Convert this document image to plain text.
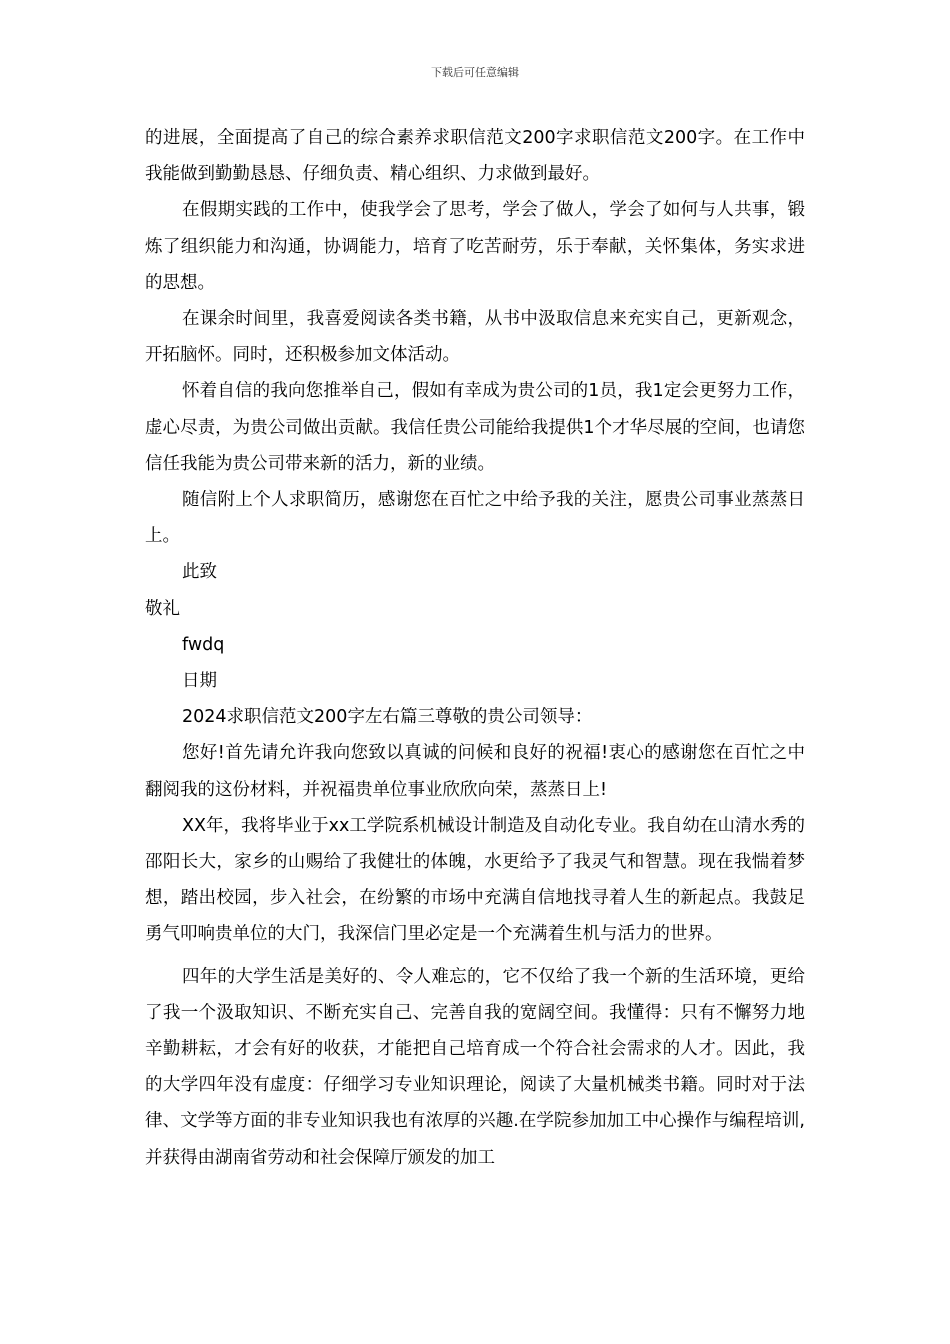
下载后可任意编辑

的进展，全面提高了自己的综合素养求职信范文200字求职信范文200字。在工作中我能做到勤勤恳恳、仔细负责、精心组织、力求做到最好。

在假期实践的工作中，使我学会了思考，学会了做人，学会了如何与人共事，锻炼了组织能力和沟通，协调能力，培育了吃苦耐劳，乐于奉献，关怀集体，务实求进的思想。

在课余时间里，我喜爱阅读各类书籍，从书中汲取信息来充实自己，更新观念，开拓脑怀。同时，还积极参加文体活动。

怀着自信的我向您推举自己，假如有幸成为贵公司的1员，我1定会更努力工作，虚心尽责，为贵公司做出贡献。我信任贵公司能给我提供1个才华尽展的空间，也请您信任我能为贵公司带来新的活力，新的业绩。

随信附上个人求职简历，感谢您在百忙之中给予我的关注，愿贵公司事业蒸蒸日上。

此致

敬礼

fwdq

日期

2024求职信范文200字左右篇三尊敬的贵公司领导：

您好!首先请允许我向您致以真诚的问候和良好的祝福!衷心的感谢您在百忙之中翻阅我的这份材料，并祝福贵单位事业欣欣向荣，蒸蒸日上!

XX年，我将毕业于xx工学院系机械设计制造及自动化专业。我自幼在山清水秀的邵阳长大，家乡的山赐给了我健壮的体魄，水更给予了我灵气和智慧。现在我惴着梦想，踏出校园，步入社会，在纷繁的市场中充满自信地找寻着人生的新起点。我鼓足勇气叩响贵单位的大门，我深信门里必定是一个充满着生机与活力的世界。

四年的大学生活是美好的、令人难忘的，它不仅给了我一个新的生活环境，更给了我一个汲取知识、不断充实自己、完善自我的宽阔空间。我懂得：只有不懈努力地辛勤耕耘，才会有好的收获，才能把自己培育成一个符合社会需求的人才。因此，我的大学四年没有虚度：仔细学习专业知识理论，阅读了大量机械类书籍。同时对于法律、文学等方面的非专业知识我也有浓厚的兴趣.在学院参加加工中心操作与编程培训,并获得由湖南省劳动和社会保障厅颁发的加工
